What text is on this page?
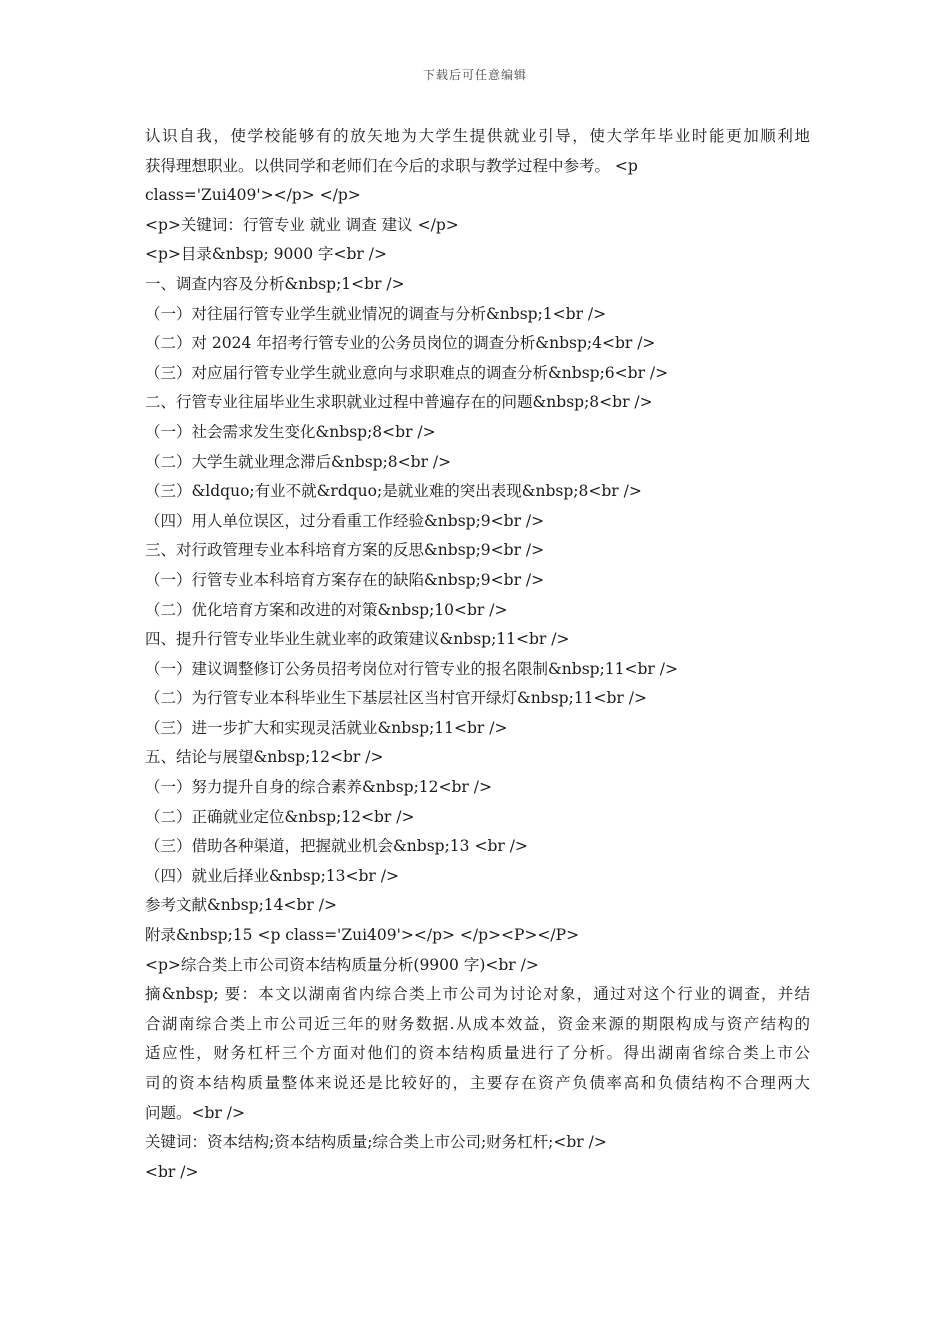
下载后可任意编辑
认识自我，使学校能够有的放矢地为大学生提供就业引导，使大学年毕业时能更加顺利地
获得理想职业。以供同学和老师们在今后的求职与教学过程中参考。 <p
class='Zui409'></p> </p>
<p>关键词：行管专业 就业 调查 建议 </p>
<p>目录&nbsp; 9000 字<br />
一、调查内容及分析&nbsp;1<br />
（一）对往届行管专业学生就业情况的调查与分析&nbsp;1<br />
（二）对 2024 年招考行管专业的公务员岗位的调查分析&nbsp;4<br />
（三）对应届行管专业学生就业意向与求职难点的调查分析&nbsp;6<br />
二、行管专业往届毕业生求职就业过程中普遍存在的问题&nbsp;8<br />
（一）社会需求发生变化&nbsp;8<br />
（二）大学生就业理念滞后&nbsp;8<br />
（三）&ldquo;有业不就&rdquo;是就业难的突出表现&nbsp;8<br />
（四）用人单位误区，过分看重工作经验&nbsp;9<br />
三、对行政管理专业本科培育方案的反思&nbsp;9<br />
（一）行管专业本科培育方案存在的缺陷&nbsp;9<br />
（二）优化培育方案和改进的对策&nbsp;10<br />
四、提升行管专业毕业生就业率的政策建议&nbsp;11<br />
（一）建议调整修订公务员招考岗位对行管专业的报名限制&nbsp;11<br />
（二）为行管专业本科毕业生下基层社区当村官开绿灯&nbsp;11<br />
（三）进一步扩大和实现灵活就业&nbsp;11<br />
五、结论与展望&nbsp;12<br />
（一）努力提升自身的综合素养&nbsp;12<br />
（二）正确就业定位&nbsp;12<br />
（三）借助各种渠道，把握就业机会&nbsp;13 <br />
（四）就业后择业&nbsp;13<br />
参考文献&nbsp;14<br />
附录&nbsp;15 <p class='Zui409'></p> </p><P></P>
<p>综合类上市公司资本结构质量分析(9900 字)<br />
摘&nbsp; 要：本文以湖南省内综合类上市公司为讨论对象，通过对这个行业的调查，并结
合湖南综合类上市公司近三年的财务数据.从成本效益，资金来源的期限构成与资产结构的
适应性，财务杠杆三个方面对他们的资本结构质量进行了分析。得出湖南省综合类上市公
司的资本结构质量整体来说还是比较好的，主要存在资产负债率高和负债结构不合理两大
问题。<br />
关键词：资本结构;资本结构质量;综合类上市公司;财务杠杆;<br />
<br />
